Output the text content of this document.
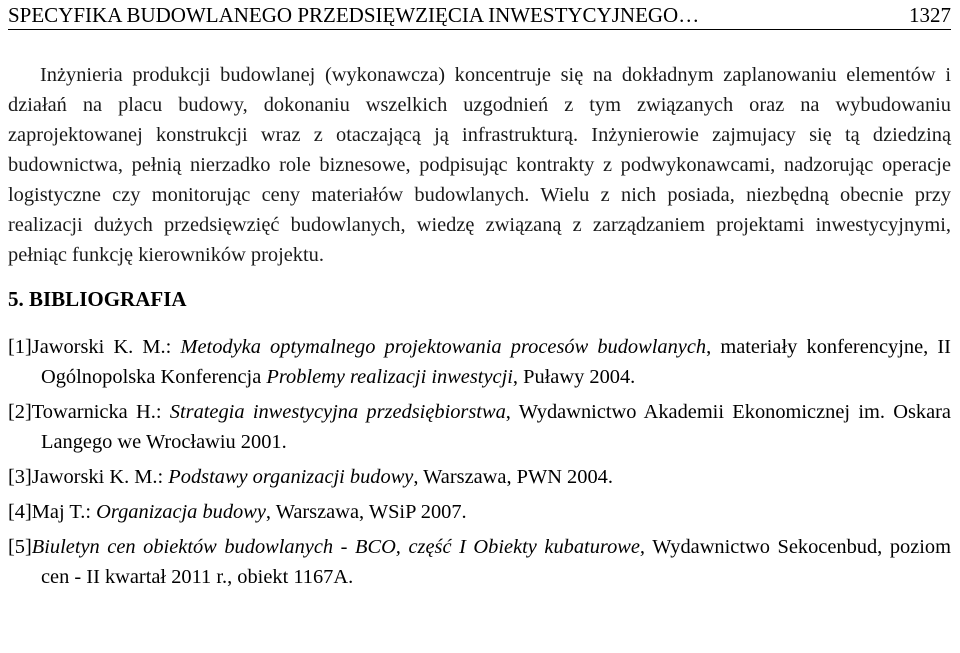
SPECYFIKA BUDOWLANEGO PRZEDSIĘWZIĘCIA INWESTYCYJNEGO…	1327

Inżynieria produkcji budowlanej (wykonawcza) koncentruje się na dokładnym zaplanowaniu elementów i działań na placu budowy, dokonaniu wszelkich uzgodnień z tym związanych oraz na wybudowaniu zaprojektowanej konstrukcji wraz z otaczającą ją infrastrukturą. Inżynierowie zajmujacy się tą dziedziną budownictwa, pełnią nierzadko role biznesowe, podpisując kontrakty z podwykonawcami, nadzorując operacje logistyczne czy monitorując ceny materiałów budowlanych. Wielu z nich posiada, niezbędną obecnie przy realizacji dużych przedsięwzięć budowlanych, wiedzę związaną z zarządzaniem projektami inwestycyjnymi, pełniąc funkcję kierowników projektu.

5. BIBLIOGRAFIA
[1]Jaworski K. M.: Metodyka optymalnego projektowania procesów budowlanych, materiały konferencyjne, II Ogólnopolska Konferencja Problemy realizacji inwestycji, Puławy 2004.
[2]Towarnicka H.: Strategia inwestycyjna przedsiębiorstwa, Wydawnictwo Akademii Ekonomicznej im. Oskara Langego we Wrocławiu 2001.
[3]Jaworski K. M.: Podstawy organizacji budowy, Warszawa, PWN 2004.
[4]Maj T.: Organizacja budowy, Warszawa, WSiP 2007.
[5]Biuletyn cen obiektów budowlanych - BCO, część I Obiekty kubaturowe, Wydawnictwo Sekocenbud, poziom cen - II kwartał 2011 r., obiekt 1167A.
